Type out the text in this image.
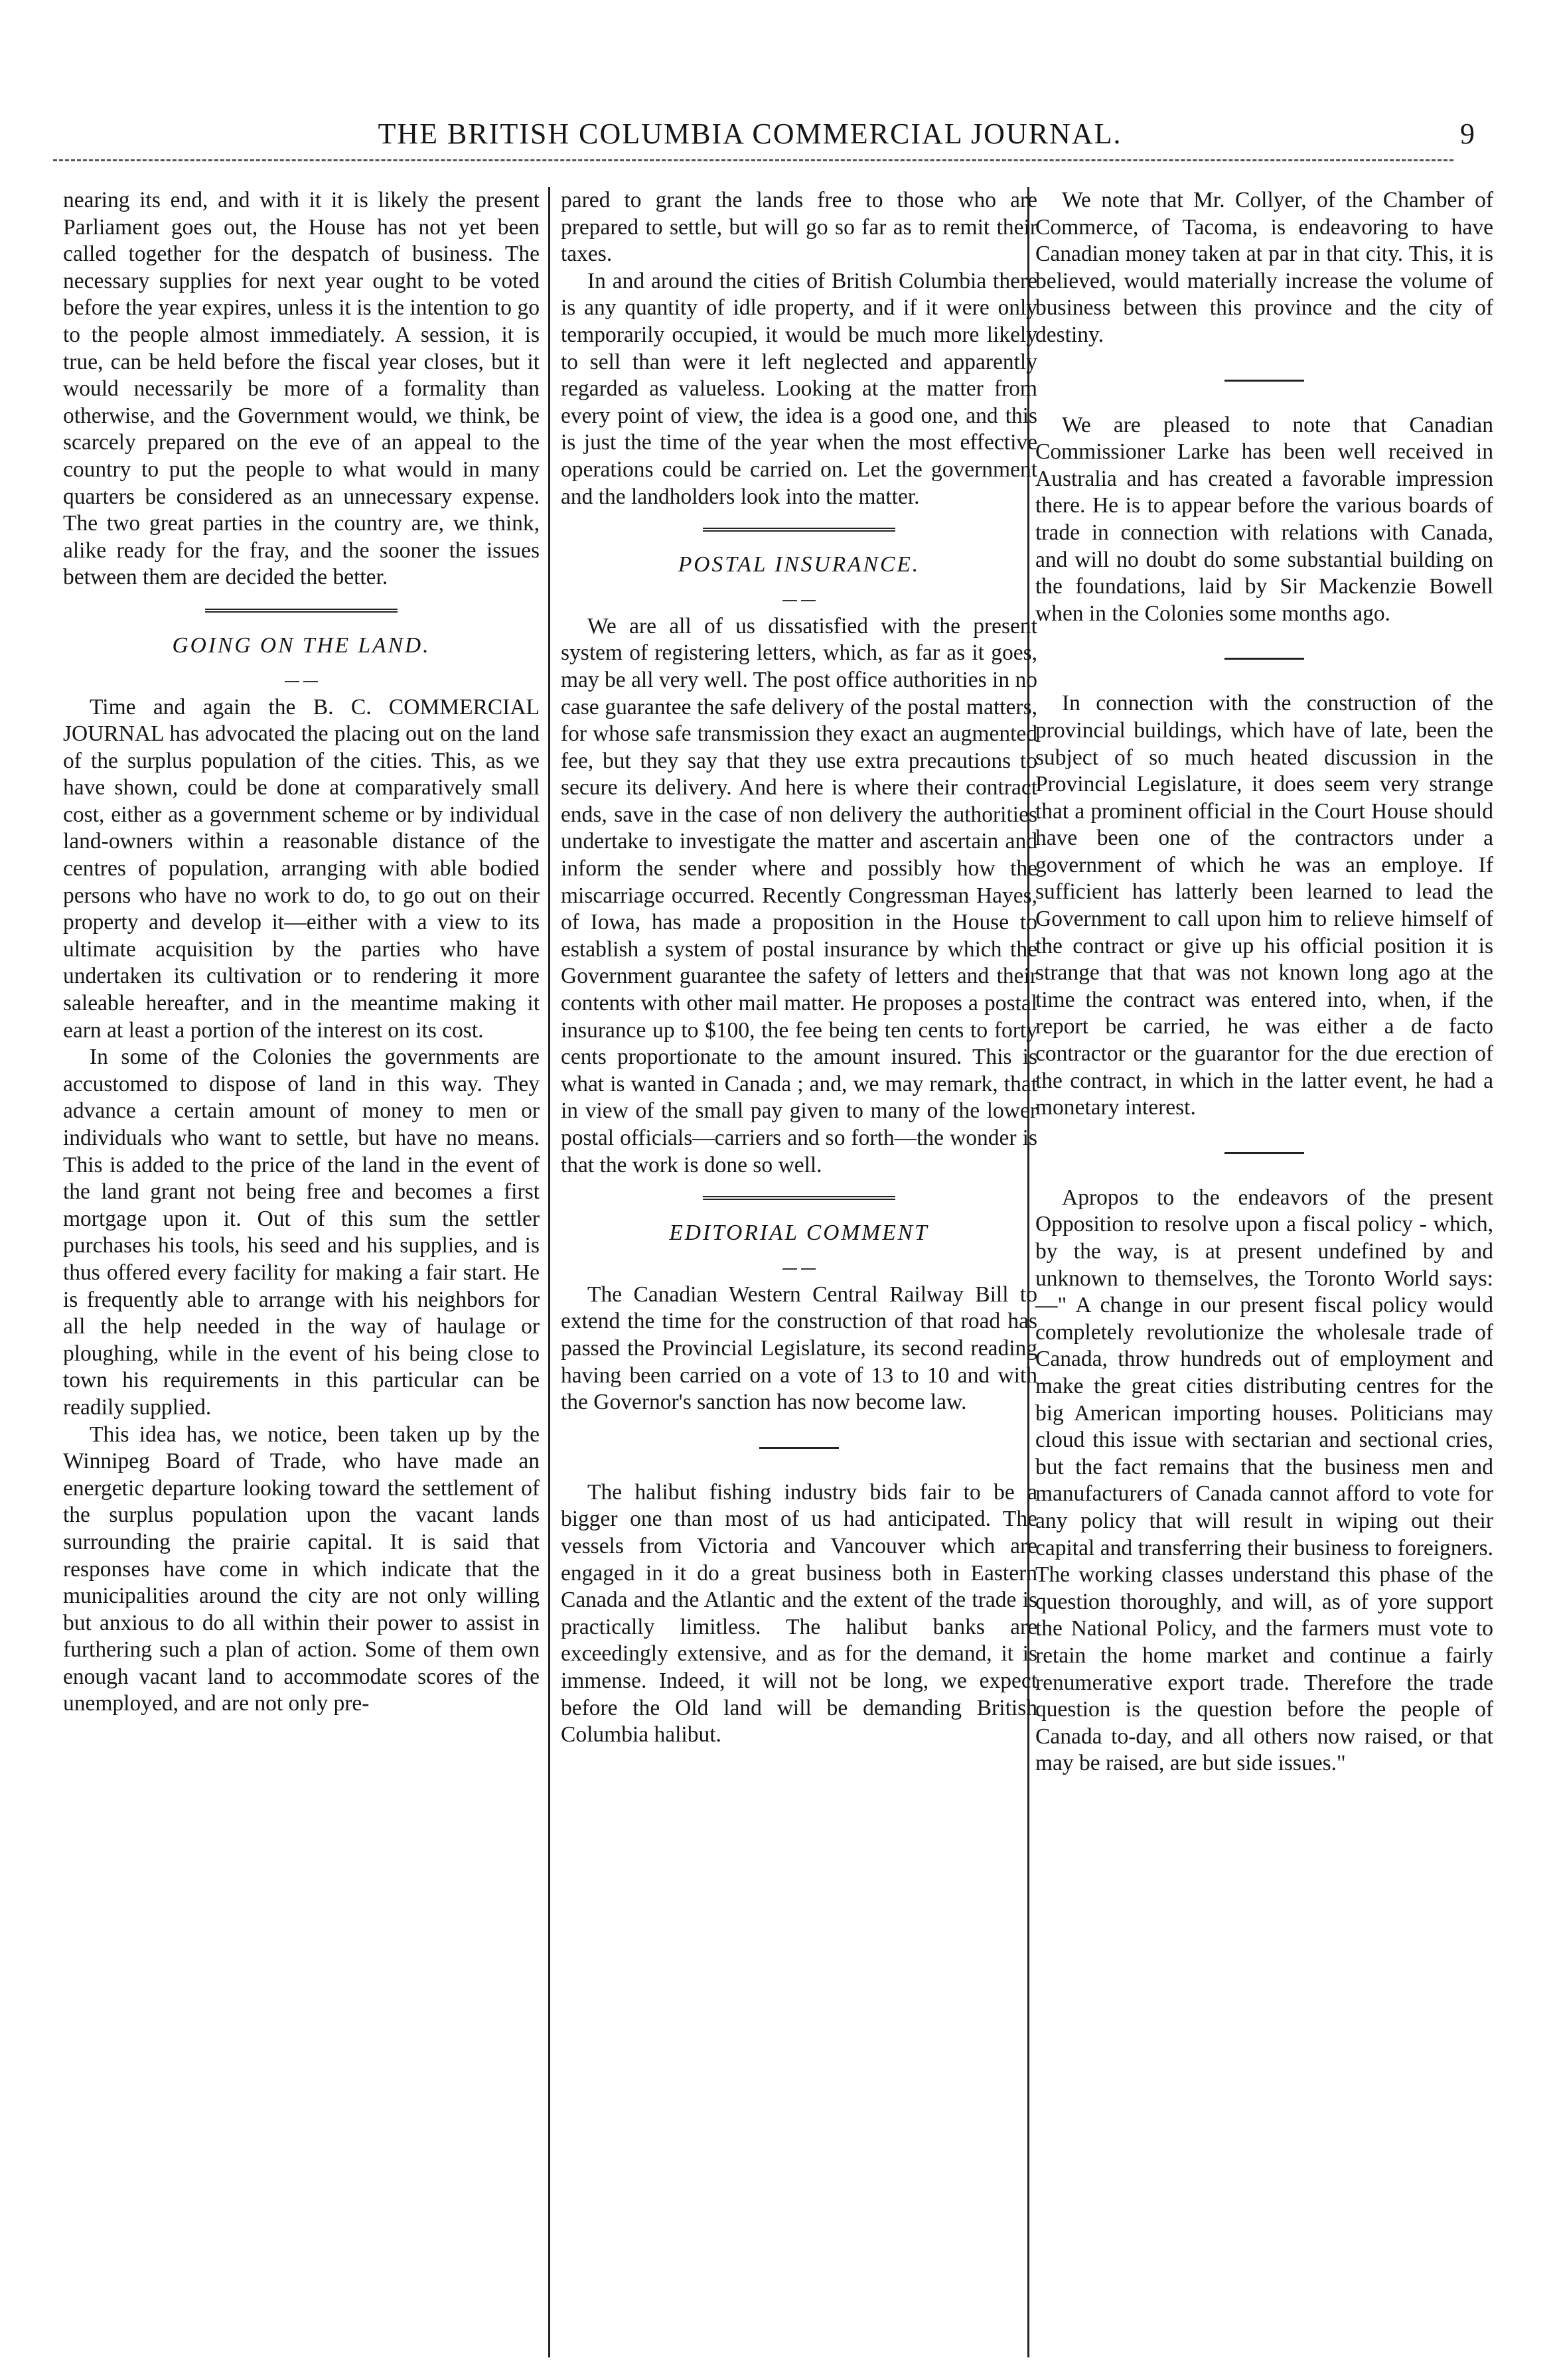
THE BRITISH COLUMBIA COMMERCIAL JOURNAL.	9

nearing its end, and with it it is likely the present Parliament goes out, the House has not yet been called together for the despatch of business. The necessary supplies for next year ought to be voted before the year expires, unless it is the intention to go to the people almost immediately. A session, it is true, can be held before the fiscal year closes, but it would necessarily be more of a formality than otherwise, and the Government would, we think, be scarcely prepared on the eve of an appeal to the country to put the people to what would in many quarters be considered as an unnecessary expense. The two great parties in the country are, we think, alike ready for the fray, and the sooner the issues between them are decided the better.

GOING ON THE LAND.

Time and again the B. C. COMMERCIAL JOURNAL has advocated the placing out on the land of the surplus population of the cities. This, as we have shown, could be done at comparatively small cost, either as a government scheme or by individual land-owners within a reasonable distance of the centres of population, arranging with able bodied persons who have no work to do, to go out on their property and develop it—either with a view to its ultimate acquisition by the parties who have undertaken its cultivation or to rendering it more saleable hereafter, and in the meantime making it earn at least a portion of the interest on its cost.

In some of the Colonies the governments are accustomed to dispose of land in this way. They advance a certain amount of money to men or individuals who want to settle, but have no means. This is added to the price of the land in the event of the land grant not being free and becomes a first mortgage upon it. Out of this sum the settler purchases his tools, his seed and his supplies, and is thus offered every facility for making a fair start. He is frequently able to arrange with his neighbors for all the help needed in the way of haulage or ploughing, while in the event of his being close to town his requirements in this particular can be readily supplied.

This idea has, we notice, been taken up by the Winnipeg Board of Trade, who have made an energetic departure looking toward the settlement of the surplus population upon the vacant lands surrounding the prairie capital. It is said that responses have come in which indicate that the municipalities around the city are not only willing but anxious to do all within their power to assist in furthering such a plan of action. Some of them own enough vacant land to accommodate scores of the unemployed, and are not only pre-

pared to grant the lands free to those who are prepared to settle, but will go so far as to remit their taxes.

In and around the cities of British Columbia there is any quantity of idle property, and if it were only temporarily occupied, it would be much more likely to sell than were it left neglected and apparently regarded as valueless. Looking at the matter from every point of view, the idea is a good one, and this is just the time of the year when the most effective operations could be carried on. Let the government and the landholders look into the matter.

POSTAL INSURANCE.

We are all of us dissatisfied with the present system of registering letters, which, as far as it goes, may be all very well. The post office authorities in no case guarantee the safe delivery of the postal matters, for whose safe transmission they exact an augmented fee, but they say that they use extra precautions to secure its delivery. And here is where their contract ends, save in the case of non delivery the authorities undertake to investigate the matter and ascertain and inform the sender where and possibly how the miscarriage occurred. Recently Congressman Hayes, of Iowa, has made a proposition in the House to establish a system of postal insurance by which the Government guarantee the safety of letters and their contents with other mail matter. He proposes a postal insurance up to $100, the fee being ten cents to forty cents proportionate to the amount insured. This is what is wanted in Canada ; and, we may remark, that in view of the small pay given to many of the lower postal officials—carriers and so forth—the wonder is that the work is done so well.

EDITORIAL COMMENT

The Canadian Western Central Railway Bill to extend the time for the construction of that road has passed the Provincial Legislature, its second reading having been carried on a vote of 13 to 10 and with the Governor's sanction has now become law.

The halibut fishing industry bids fair to be a bigger one than most of us had anticipated. The vessels from Victoria and Vancouver which are engaged in it do a great business both in Eastern Canada and the Atlantic and the extent of the trade is practically limitless. The halibut banks are exceedingly extensive, and as for the demand, it is immense. Indeed, it will not be long, we expect before the Old land will be demanding British Columbia halibut.

We note that Mr. Collyer, of the Chamber of Commerce, of Tacoma, is endeavoring to have Canadian money taken at par in that city. This, it is believed, would materially increase the volume of business between this province and the city of destiny.

We are pleased to note that Canadian Commissioner Larke has been well received in Australia and has created a favorable impression there. He is to appear before the various boards of trade in connection with relations with Canada, and will no doubt do some substantial building on the foundations, laid by Sir Mackenzie Bowell when in the Colonies some months ago.

In connection with the construction of the provincial buildings, which have of late, been the subject of so much heated discussion in the Provincial Legislature, it does seem very strange that a prominent official in the Court House should have been one of the contractors under a government of which he was an employe. If sufficient has latterly been learned to lead the Government to call upon him to relieve himself of the contract or give up his official position it is strange that that was not known long ago at the time the contract was entered into, when, if the report be carried, he was either a de facto contractor or the guarantor for the due erection of the contract, in which in the latter event, he had a monetary interest.

Apropos to the endeavors of the present Opposition to resolve upon a fiscal policy - which, by the way, is at present undefined by and unknown to themselves, the Toronto World says: —" A change in our present fiscal policy would completely revolutionize the wholesale trade of Canada, throw hundreds out of employment and make the great cities distributing centres for the big American importing houses. Politicians may cloud this issue with sectarian and sectional cries, but the fact remains that the business men and manufacturers of Canada cannot afford to vote for any policy that will result in wiping out their capital and transferring their business to foreigners. The working classes understand this phase of the question thoroughly, and will, as of yore support the National Policy, and the farmers must vote to retain the home market and continue a fairly renumerative export trade. Therefore the trade question is the question before the people of Canada to-day, and all others now raised, or that may be raised, are but side issues."
